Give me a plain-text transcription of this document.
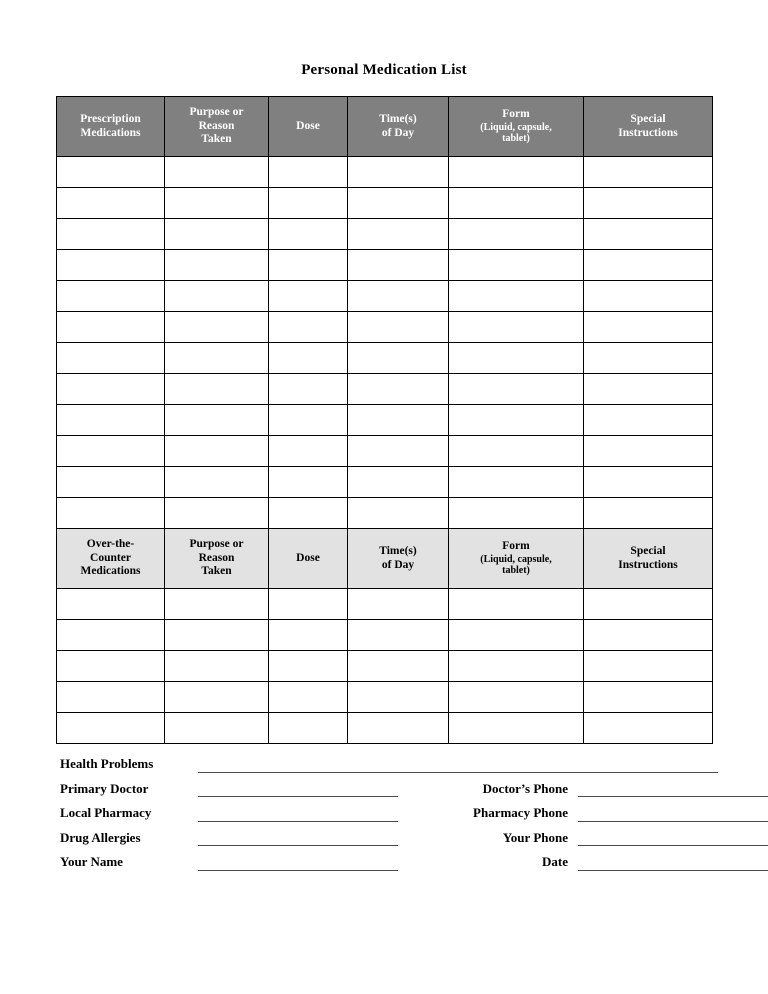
Personal Medication List
Prescription
Medications	Purpose or
Reason
Taken	Dose	Time(s)
of Day	Form
(Liquid, capsule,
tablet)	Special
Instructions

Over-the-
Counter
Medications	Purpose or
Reason
Taken	Dose	Time(s)
of Day	Form
(Liquid, capsule,
tablet)	Special
Instructions

Health Problems
Primary Doctor	Doctor’s Phone
Local Pharmacy	Pharmacy Phone
Drug Allergies	Your Phone
Your Name	Date
